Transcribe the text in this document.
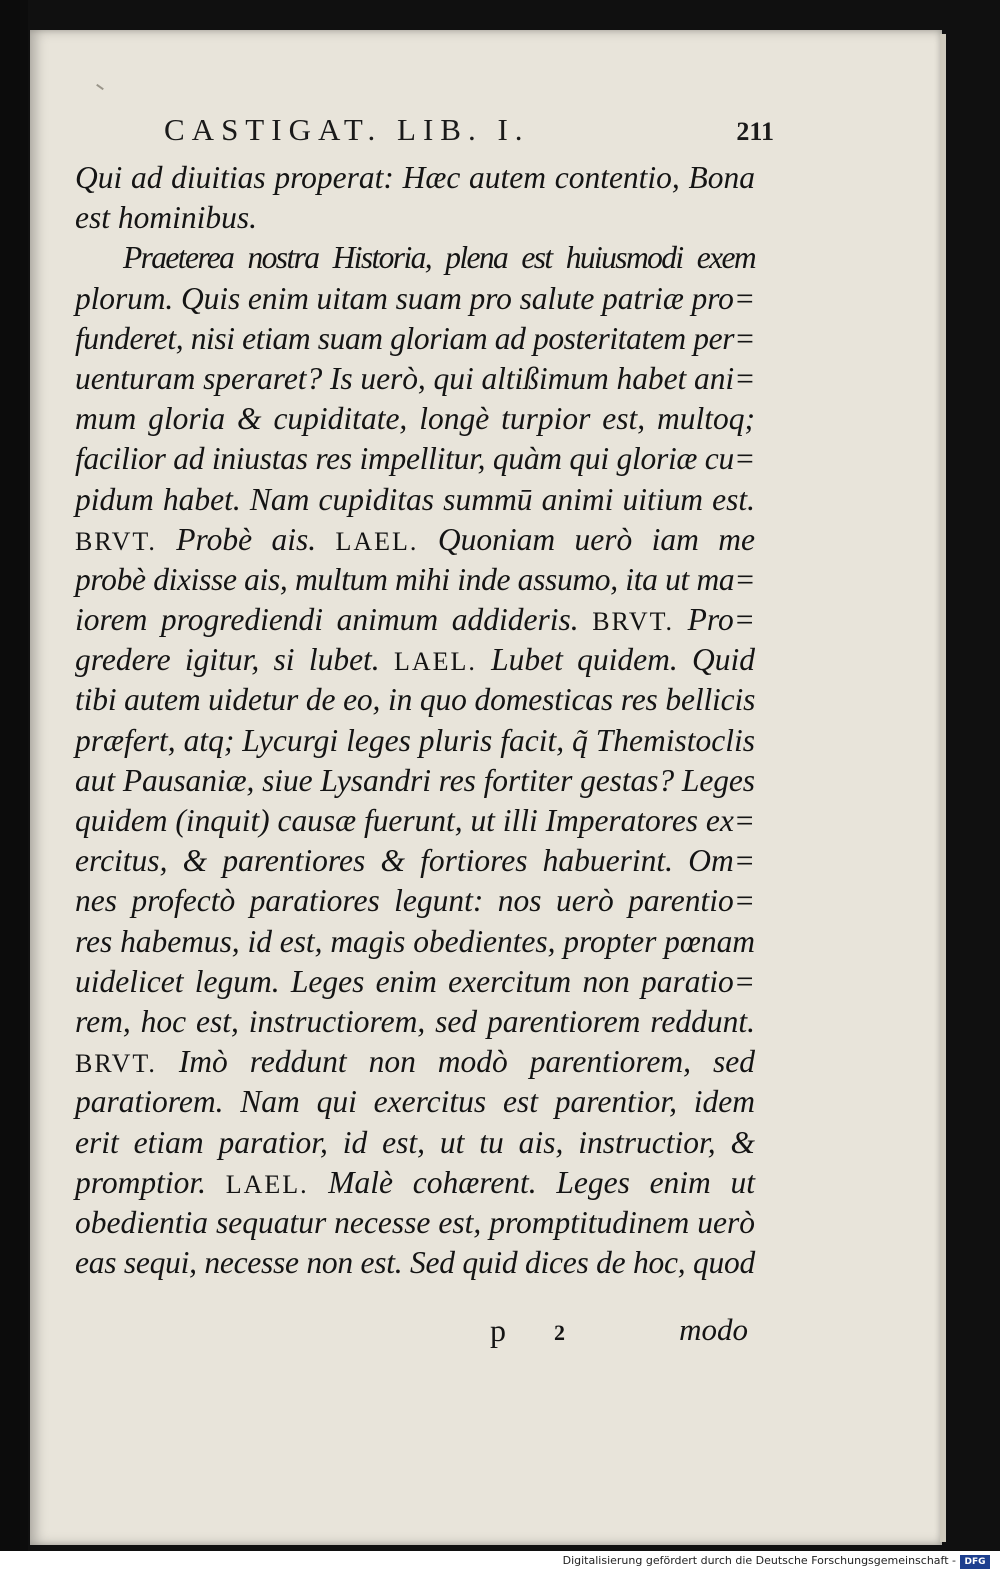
CASTIGAT. LIB. I.	211
Qui ad diuitias properat: Hæc autem contentio, Bona
est hominibus.
Praeterea nostra Historia, plena est huiusmodi exem
plorum. Quis enim uitam suam pro salute patriæ pro=
funderet, nisi etiam suam gloriam ad posteritatem per=
uenturam speraret? Is uerò, qui altißimum habet ani=
mum gloria & cupiditate, longè turpior est, multoq;
facilior ad iniustas res impellitur, quàm qui gloriæ cu=
pidum habet. Nam cupiditas summū animi uitium est.
BRVT. Probè ais. LAEL. Quoniam uerò iam me
probè dixisse ais, multum mihi inde assumo, ita ut ma=
iorem progrediendi animum addideris. BRVT. Pro=
gredere igitur, si lubet. LAEL. Lubet quidem. Quid
tibi autem uidetur de eo, in quo domesticas res bellicis
præfert, atq; Lycurgi leges pluris facit, q̃ Themistoclis
aut Pausaniæ, siue Lysandri res fortiter gestas? Leges
quidem (inquit) causæ fuerunt, ut illi Imperatores ex=
ercitus, & parentiores & fortiores habuerint. Om=
nes profectò paratiores legunt: nos uerò parentio=
res habemus, id est, magis obedientes, propter pœnam
uidelicet legum. Leges enim exercitum non paratio=
rem, hoc est, instructiorem, sed parentiorem reddunt.
BRVT. Imò reddunt non modò parentiorem, sed
paratiorem. Nam qui exercitus est parentior, idem
erit etiam paratior, id est, ut tu ais, instructior, &
promptior. LAEL. Malè cohærent. Leges enim ut
obedientia sequatur necesse est, promptitudinem uerò
eas sequi, necesse non est. Sed quid dices de hoc, quod
p 2	modo
Digitalisierung gefördert durch die Deutsche Forschungsgemeinschaft - DFG
